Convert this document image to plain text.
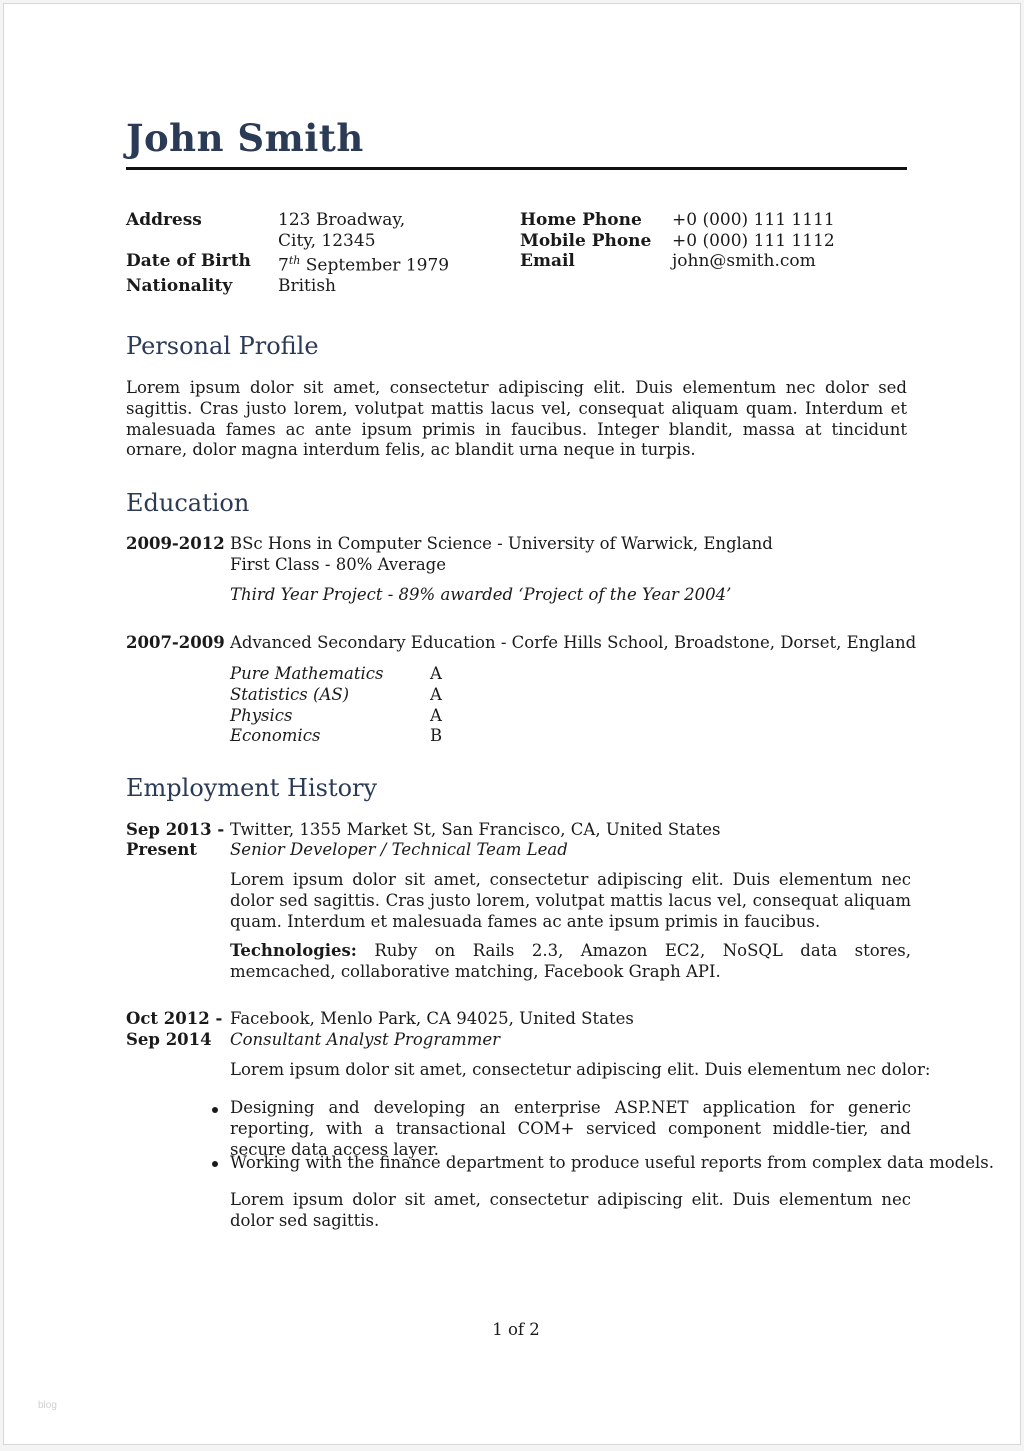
John Smith
Address	123 Broadway,
City, 12345
Date of Birth	7th September 1979
Nationality	British
Home Phone	+0 (000) 111 1111
Mobile Phone	+0 (000) 111 1112
Email	john@smith.com
Personal Profile
Lorem ipsum dolor sit amet, consectetur adipiscing elit. Duis elementum nec dolor sed sagittis. Cras justo lorem, volutpat mattis lacus vel, consequat aliquam quam. Interdum et malesuada fames ac ante ipsum primis in faucibus. Integer blandit, massa at tincidunt ornare, dolor magna interdum felis, ac blandit urna neque in turpis.
Education
2009-2012 BSc Hons in Computer Science - University of Warwick, England
First Class - 80% Average
Third Year Project - 89% awarded ‘Project of the Year 2004’
2007-2009 Advanced Secondary Education - Corfe Hills School, Broadstone, Dorset, England
Pure Mathematics	A
Statistics (AS)	A
Physics	A
Economics	B
Employment History
Sep 2013 -
Present
Twitter, 1355 Market St, San Francisco, CA, United States
Senior Developer / Technical Team Lead
Lorem ipsum dolor sit amet, consectetur adipiscing elit. Duis elementum nec dolor sed sagittis. Cras justo lorem, volutpat mattis lacus vel, consequat aliquam quam. Interdum et malesuada fames ac ante ipsum primis in faucibus.
Technologies: Ruby on Rails 2.3, Amazon EC2, NoSQL data stores, memcached, collaborative matching, Facebook Graph API.
Oct 2012 -
Sep 2014
Facebook, Menlo Park, CA 94025, United States
Consultant Analyst Programmer
Lorem ipsum dolor sit amet, consectetur adipiscing elit. Duis elementum nec dolor:
Designing and developing an enterprise ASP.NET application for generic reporting, with a transactional COM+ serviced component middle-tier, and secure data access layer.
Working with the finance department to produce useful reports from complex data models.
Lorem ipsum dolor sit amet, consectetur adipiscing elit. Duis elementum nec dolor sed sagittis.
1 of 2
blog
